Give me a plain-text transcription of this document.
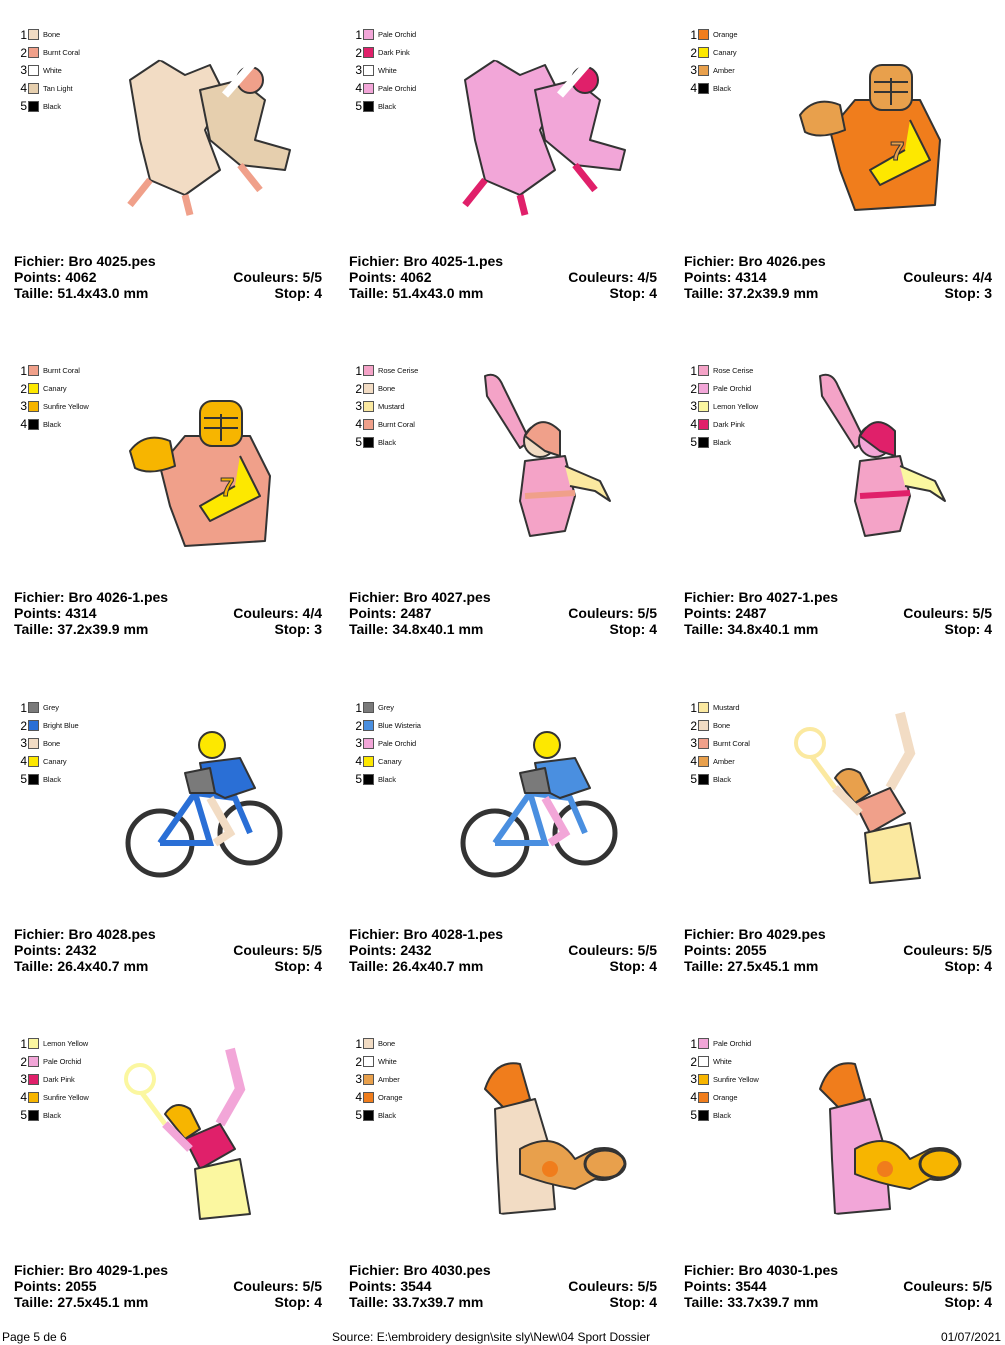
1 Bone
2 Burnt Coral
3 White
4 Tan Light
5 Black
Fichier: Bro 4025.pes
Points: 4062	Couleurs: 5/5
Taille: 51.4x43.0 mm	Stop: 4
1 Pale Orchid
2 Dark Pink
3 White
4 Pale Orchid
5 Black
Fichier: Bro 4025-1.pes
Points: 4062	Couleurs: 4/5
Taille: 51.4x43.0 mm	Stop: 4
1 Orange
2 Canary
3 Amber
4 Black
7
Fichier: Bro 4026.pes
Points: 4314	Couleurs: 4/4
Taille: 37.2x39.9 mm	Stop: 3
1 Burnt Coral
2 Canary
3 Sunfire Yellow
4 Black
7
Fichier: Bro 4026-1.pes
Points: 4314	Couleurs: 4/4
Taille: 37.2x39.9 mm	Stop: 3
1 Rose Cerise
2 Bone
3 Mustard
4 Burnt Coral
5 Black
Fichier: Bro 4027.pes
Points: 2487	Couleurs: 5/5
Taille: 34.8x40.1 mm	Stop: 4
1 Rose Cerise
2 Pale Orchid
3 Lemon Yellow
4 Dark Pink
5 Black
Fichier: Bro 4027-1.pes
Points: 2487	Couleurs: 5/5
Taille: 34.8x40.1 mm	Stop: 4
1 Grey
2 Bright Blue
3 Bone
4 Canary
5 Black
Fichier: Bro 4028.pes
Points: 2432	Couleurs: 5/5
Taille: 26.4x40.7 mm	Stop: 4
1 Grey
2 Blue Wisteria
3 Pale Orchid
4 Canary
5 Black
Fichier: Bro 4028-1.pes
Points: 2432	Couleurs: 5/5
Taille: 26.4x40.7 mm	Stop: 4
1 Mustard
2 Bone
3 Burnt Coral
4 Amber
5 Black
Fichier: Bro 4029.pes
Points: 2055	Couleurs: 5/5
Taille: 27.5x45.1 mm	Stop: 4
1 Lemon Yellow
2 Pale Orchid
3 Dark Pink
4 Sunfire Yellow
5 Black
Fichier: Bro 4029-1.pes
Points: 2055	Couleurs: 5/5
Taille: 27.5x45.1 mm	Stop: 4
1 Bone
2 White
3 Amber
4 Orange
5 Black
Fichier: Bro 4030.pes
Points: 3544	Couleurs: 5/5
Taille: 33.7x39.7 mm	Stop: 4
1 Pale Orchid
2 White
3 Sunfire Yellow
4 Orange
5 Black
Fichier: Bro 4030-1.pes
Points: 3544	Couleurs: 5/5
Taille: 33.7x39.7 mm	Stop: 4
Page 5 de 6	Source: E:\embroidery design\site sly\New\04 Sport Dossier	01/07/2021
